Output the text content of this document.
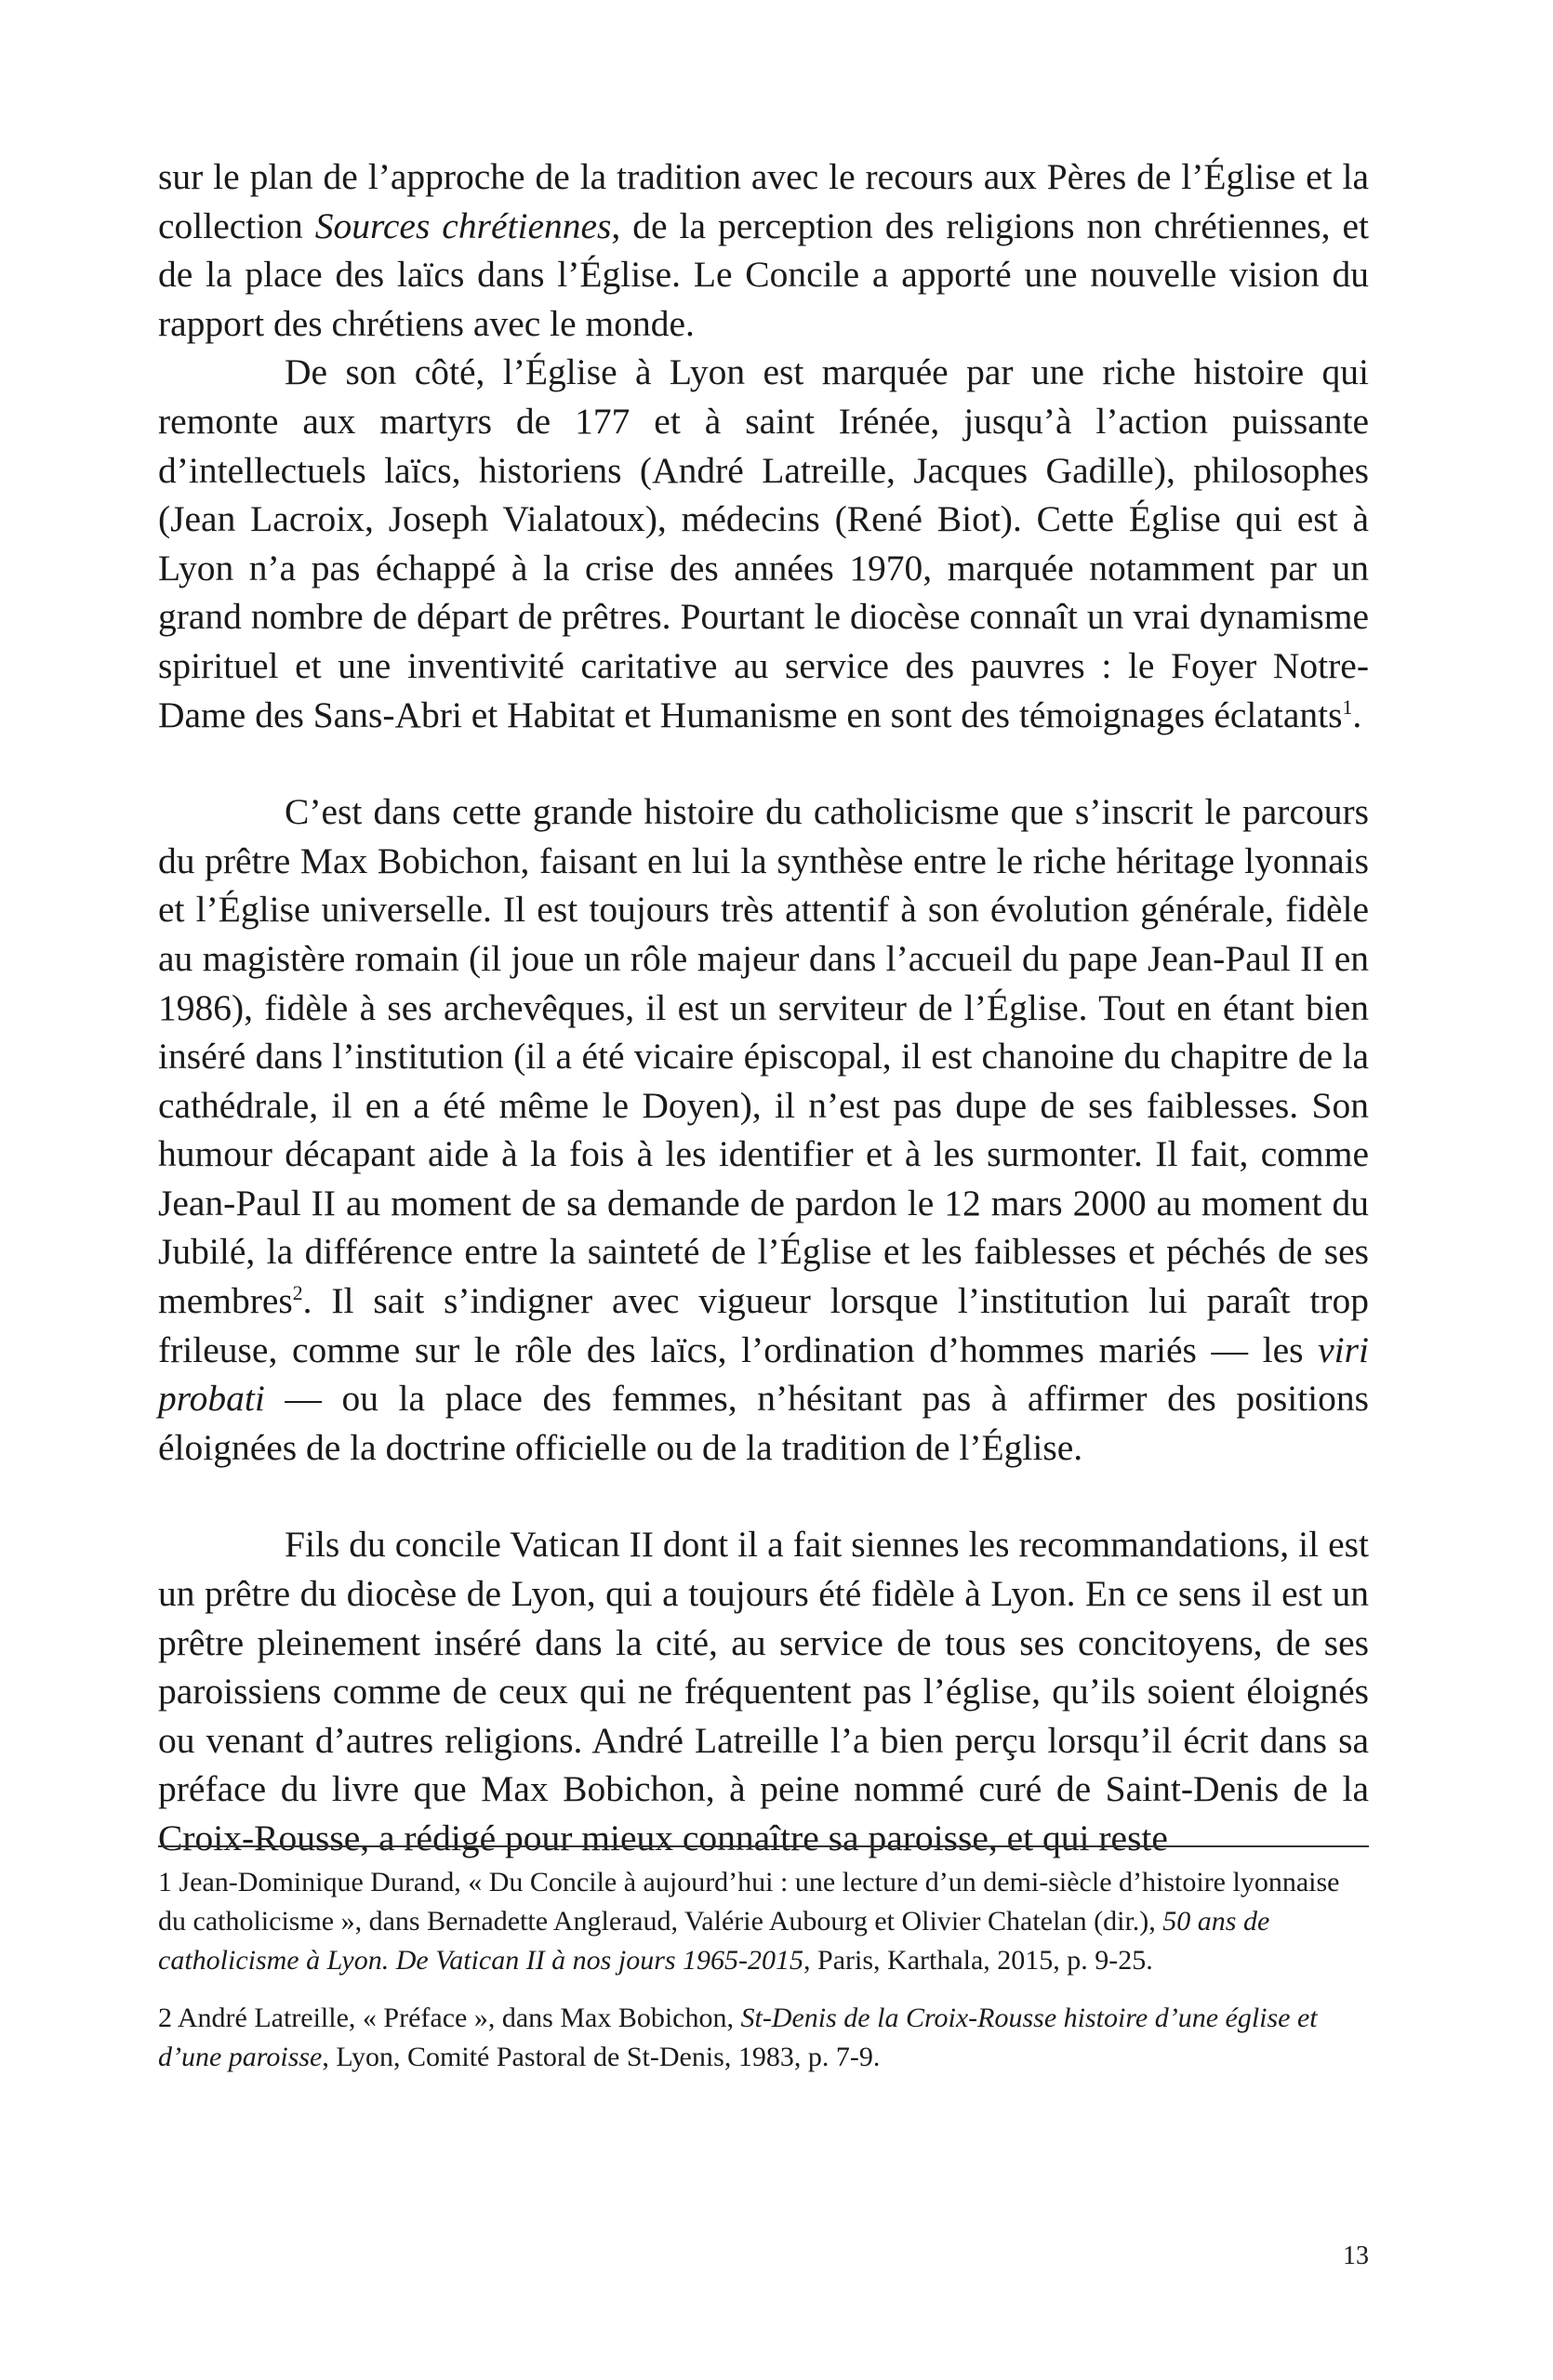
sur le plan de l’approche de la tradition avec le recours aux Pères de l’Église et la collection Sources chrétiennes, de la perception des religions non chrétiennes, et de la place des laïcs dans l’Église. Le Concile a apporté une nouvelle vision du rapport des chrétiens avec le monde.

De son côté, l’Église à Lyon est marquée par une riche histoire qui remonte aux martyrs de 177 et à saint Irénée, jusqu’à l’action puissante d’intellectuels laïcs, historiens (André Latreille, Jacques Gadille), philosophes (Jean Lacroix, Joseph Vialatoux), médecins (René Biot). Cette Église qui est à Lyon n’a pas échappé à la crise des années 1970, marquée notamment par un grand nombre de départ de prêtres. Pourtant le diocèse connaît un vrai dynamisme spirituel et une inventivité caritative au service des pauvres : le Foyer Notre-Dame des Sans-Abri et Habitat et Humanisme en sont des témoignages éclatants$^1$.

C’est dans cette grande histoire du catholicisme que s’inscrit le parcours du prêtre Max Bobichon, faisant en lui la synthèse entre le riche héritage lyonnais et l’Église universelle. Il est toujours très attentif à son évolution générale, fidèle au magistère romain (il joue un rôle majeur dans l’accueil du pape Jean-Paul II en 1986), fidèle à ses archevêques, il est un serviteur de l’Église. Tout en étant bien inséré dans l’institution (il a été vicaire épiscopal, il est chanoine du chapitre de la cathédrale, il en a été même le Doyen), il n’est pas dupe de ses faiblesses. Son humour décapant aide à la fois à les identifier et à les surmonter. Il fait, comme Jean-Paul II au moment de sa demande de pardon le 12 mars 2000 au moment du Jubilé, la différence entre la sainteté de l’Église et les faiblesses et péchés de ses membres$^2$. Il sait s’indigner avec vigueur lorsque l’institution lui paraît trop frileuse, comme sur le rôle des laïcs, l’ordination d’hommes mariés — les viri probati — ou la place des femmes, n’hésitant pas à affirmer des positions éloignées de la doctrine officielle ou de la tradition de l’Église.

Fils du concile Vatican II dont il a fait siennes les recommandations, il est un prêtre du diocèse de Lyon, qui a toujours été fidèle à Lyon. En ce sens il est un prêtre pleinement inséré dans la cité, au service de tous ses concitoyens, de ses paroissiens comme de ceux qui ne fréquentent pas l’église, qu’ils soient éloignés ou venant d’autres religions. André Latreille l’a bien perçu lorsqu’il écrit dans sa préface du livre que Max Bobichon, à peine nommé curé de Saint-Denis de la Croix-Rousse, a rédigé pour mieux connaître sa paroisse, et qui reste

1 Jean-Dominique Durand, « Du Concile à aujourd’hui : une lecture d’un demi-siècle d’histoire lyonnaise du catholicisme », dans Bernadette Angleraud, Valérie Aubourg et Olivier Chatelan (dir.), 50 ans de catholicisme à Lyon. De Vatican II à nos jours 1965-2015, Paris, Karthala, 2015, p. 9-25.

2 André Latreille, « Préface », dans Max Bobichon, St-Denis de la Croix-Rousse histoire d’une église et d’une paroisse, Lyon, Comité Pastoral de St-Denis, 1983, p. 7-9.

13
